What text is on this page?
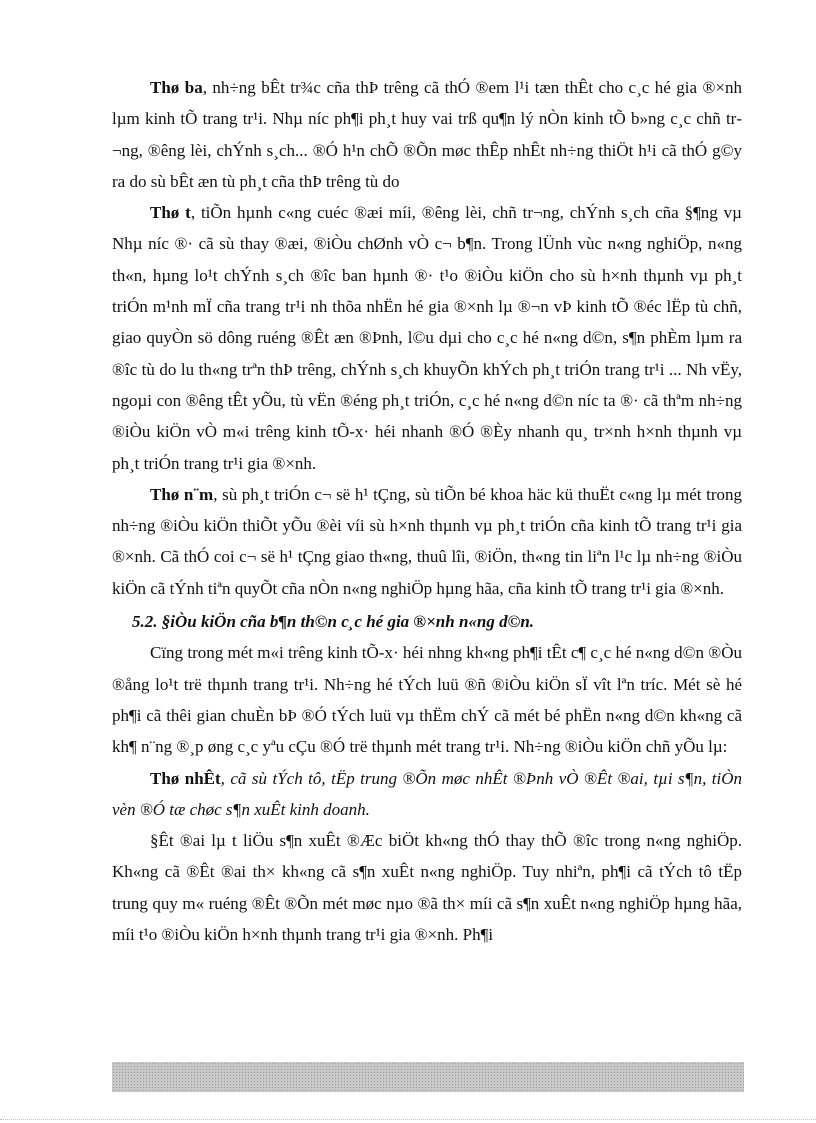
Thø ba, nh÷ng bÊt tr¾c cña thÞ trêng cã thÓ ®em l¹i tæn thÊt cho c¸c hé gia ®×nh lµm kinh tÕ trang tr¹i. Nhµ níc ph¶i ph¸t huy vai trß qu¶n lý nÒn kinh tÕ b»ng c¸c chñ tr¬ng, ®êng lèi, chÝnh s¸ch... ®Ó h¹n chÕ ®Õn møc thÊp nhÊt nh÷ng thiÖt h¹i cã thÓ g©y ra do sù bÊt æn tù ph¸t cña thÞ trêng tù do

Thø t, tiÕn hµnh c«ng cuéc ®æi míi, ®êng lèi, chñ tr¬ng, chÝnh s¸ch cña §¶ng vµ Nhµ níc ®· cã sù thay ®æi, ®iÒu chØnh vÒ c¬ b¶n. Trong lÜnh vùc n«ng nghiÖp, n«ng th«n, hµng lo¹t chÝnh s¸ch ®îc ban hµnh ®· t¹o ®iÒu kiÖn cho sù h×nh thµnh vµ ph¸t triÓn m¹nh mÏ cña trang tr¹i nh thõa nhËn hé gia ®×nh lµ ®¬n vÞ kinh tÕ ®éc lËp tù chñ, giao quyÒn sö dông ruéng ®Êt æn ®Þnh, l©u dµi cho c¸c hé n«ng d©n, s¶n phÈm lµm ra ®îc tù do lu th«ng trªn thÞ trêng, chÝnh s¸ch khuyÕn khÝch ph¸t triÓn trang tr¹i ... Nh vËy, ngoµi con ®êng tÊt yÕu, tù vËn ®éng ph¸t triÓn, c¸c hé n«ng d©n níc ta ®· cã thªm nh÷ng ®iÒu kiÖn vÒ m«i trêng kinh tÕ-x· héi nhanh ®Ó ®Èy nhanh qu¸ tr×nh h×nh thµnh vµ ph¸t triÓn trang tr¹i gia ®×nh.

Thø n¨m, sù ph¸t triÓn c¬ së h¹ tÇng, sù tiÕn bé khoa häc kü thuËt c«ng lµ mét trong nh÷ng ®iÒu kiÖn thiÕt yÕu ®èi víi sù h×nh thµnh vµ ph¸t triÓn cña kinh tÕ trang tr¹i gia ®×nh. Cã thÓ coi c¬ së h¹ tÇng giao th«ng, thuû lîi, ®iÖn, th«ng tin liªn l¹c lµ nh÷ng ®iÒu kiÖn cã tÝnh tiªn quyÕt cña nÒn n«ng nghiÖp hµng hãa, cña kinh tÕ trang tr¹i gia ®×nh.

5.2. §iÒu kiÖn cña b¶n th©n c¸c hé gia ®×nh n«ng d©n.

Cïng trong mét m«i trêng kinh tÕ-x· héi nhng kh«ng ph¶i tÊt c¶ c¸c hé n«ng d©n ®Òu ®ång lo¹t trë thµnh trang tr¹i. Nh÷ng hé tÝch luü ®ñ ®iÒu kiÖn sÏ vît lªn tríc. Mét sè hé ph¶i cã thêi gian chuÈn bÞ ®Ó tÝch luü vµ thËm chÝ cã mét bé phËn n«ng d©n kh«ng cã kh¶ n¨ng ®¸p øng c¸c yªu cÇu ®Ó trë thµnh mét trang tr¹i. Nh÷ng ®iÒu kiÖn chñ yÕu lµ:

Thø nhÊt, cã sù tÝch tô, tËp trung ®Õn møc nhÊt ®Þnh vÒ ®Êt ®ai, tµi s¶n, tiÒn vèn ®Ó tæ chøc s¶n xuÊt kinh doanh.

§Êt ®ai lµ t liÖu s¶n xuÊt ®Æc biÖt kh«ng thÓ thay thÕ ®îc trong n«ng nghiÖp. Kh«ng cã ®Êt ®ai th× kh«ng cã s¶n xuÊt n«ng nghiÖp. Tuy nhiªn, ph¶i cã tÝch tô tËp trung quy m« ruéng ®Êt ®Õn mét møc nµo ®ã th× míi cã s¶n xuÊt n«ng nghiÖp hµng hãa, míi t¹o ®iÒu kiÖn h×nh thµnh trang tr¹i gia ®×nh. Ph¶i
